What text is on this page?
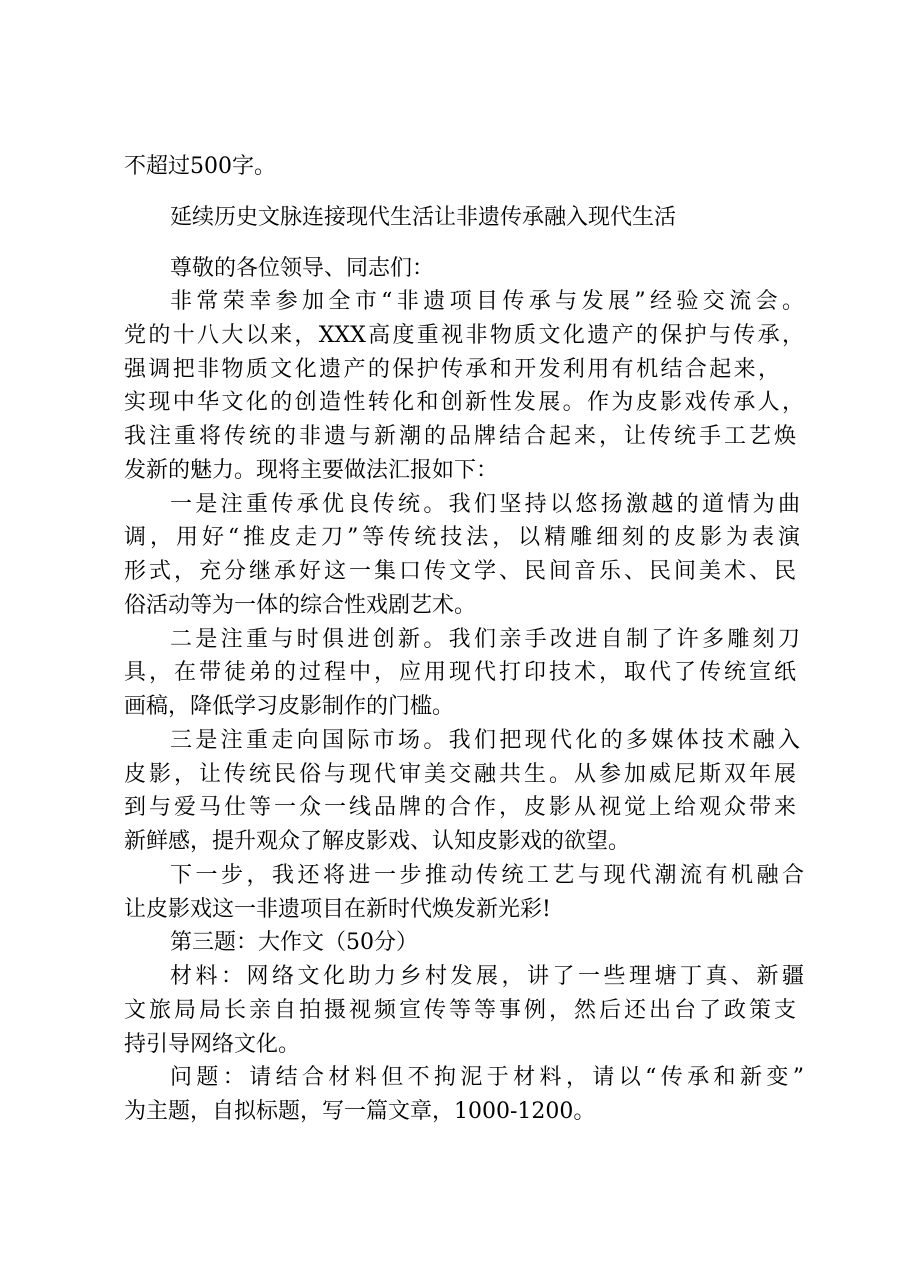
不超过500字。
延续历史文脉连接现代生活让非遗传承融入现代生活
尊敬的各位领导、同志们：
非常荣幸参加全市“非遗项目传承与发展”经验交流会。
党的十八大以来，XXX高度重视非物质文化遗产的保护与传承，
强调把非物质文化遗产的保护传承和开发利用有机结合起来，
实现中华文化的创造性转化和创新性发展。作为皮影戏传承人，
我注重将传统的非遗与新潮的品牌结合起来，让传统手工艺焕
发新的魅力。现将主要做法汇报如下：
一是注重传承优良传统。我们坚持以悠扬激越的道情为曲
调，用好“推皮走刀”等传统技法，以精雕细刻的皮影为表演
形式，充分继承好这一集口传文学、民间音乐、民间美术、民
俗活动等为一体的综合性戏剧艺术。
二是注重与时俱进创新。我们亲手改进自制了许多雕刻刀
具，在带徒弟的过程中，应用现代打印技术，取代了传统宣纸
画稿，降低学习皮影制作的门槛。
三是注重走向国际市场。我们把现代化的多媒体技术融入
皮影，让传统民俗与现代审美交融共生。从参加威尼斯双年展
到与爱马仕等一众一线品牌的合作，皮影从视觉上给观众带来
新鲜感，提升观众了解皮影戏、认知皮影戏的欲望。
下一步，我还将进一步推动传统工艺与现代潮流有机融合
让皮影戏这一非遗项目在新时代焕发新光彩!
第三题：大作文（50分）
材料：网络文化助力乡村发展，讲了一些理塘丁真、新疆
文旅局局长亲自拍摄视频宣传等等事例，然后还出台了政策支
持引导网络文化。
问题：请结合材料但不拘泥于材料，请以“传承和新变”
为主题，自拟标题，写一篇文章，1000-1200。
